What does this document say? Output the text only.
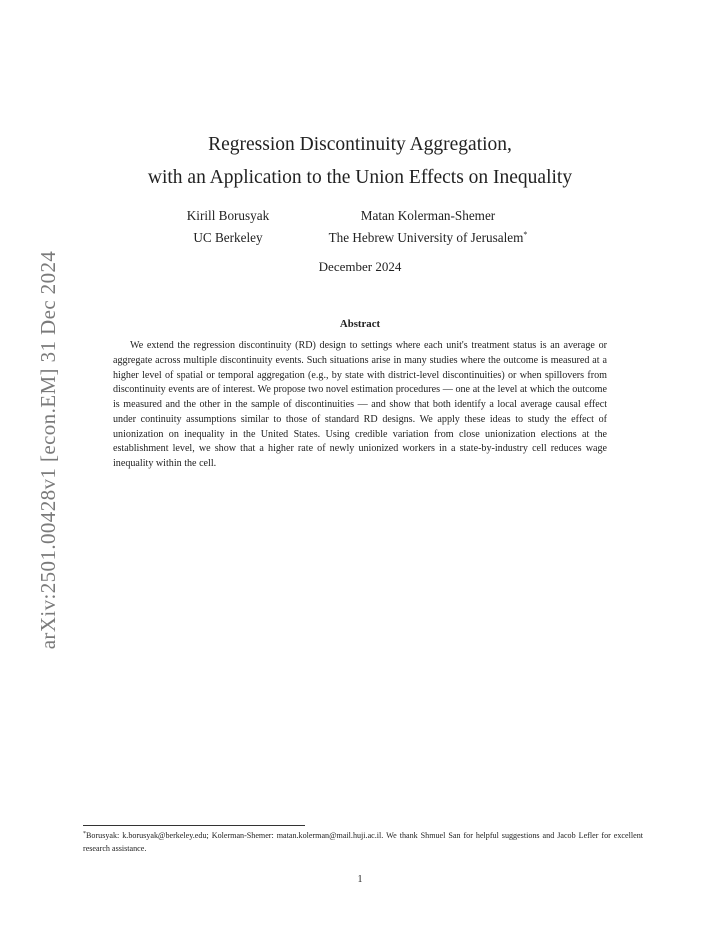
arXiv:2501.00428v1 [econ.EM] 31 Dec 2024
Regression Discontinuity Aggregation,
with an Application to the Union Effects on Inequality
Kirill Borusyak
UC Berkeley
Matan Kolerman-Shemer
The Hebrew University of Jerusalem*
December 2024
Abstract
We extend the regression discontinuity (RD) design to settings where each unit's treatment status is an average or aggregate across multiple discontinuity events. Such situations arise in many studies where the outcome is measured at a higher level of spatial or temporal aggregation (e.g., by state with district-level discontinuities) or when spillovers from discontinuity events are of interest. We propose two novel estimation procedures — one at the level at which the outcome is measured and the other in the sample of discontinuities — and show that both identify a local average causal effect under continuity assumptions similar to those of standard RD designs. We apply these ideas to study the effect of unionization on inequality in the United States. Using credible variation from close unionization elections at the establishment level, we show that a higher rate of newly unionized workers in a state-by-industry cell reduces wage inequality within the cell.
*Borusyak: k.borusyak@berkeley.edu; Kolerman-Shemer: matan.kolerman@mail.huji.ac.il. We thank Shmuel San for helpful suggestions and Jacob Lefler for excellent research assistance.
1
